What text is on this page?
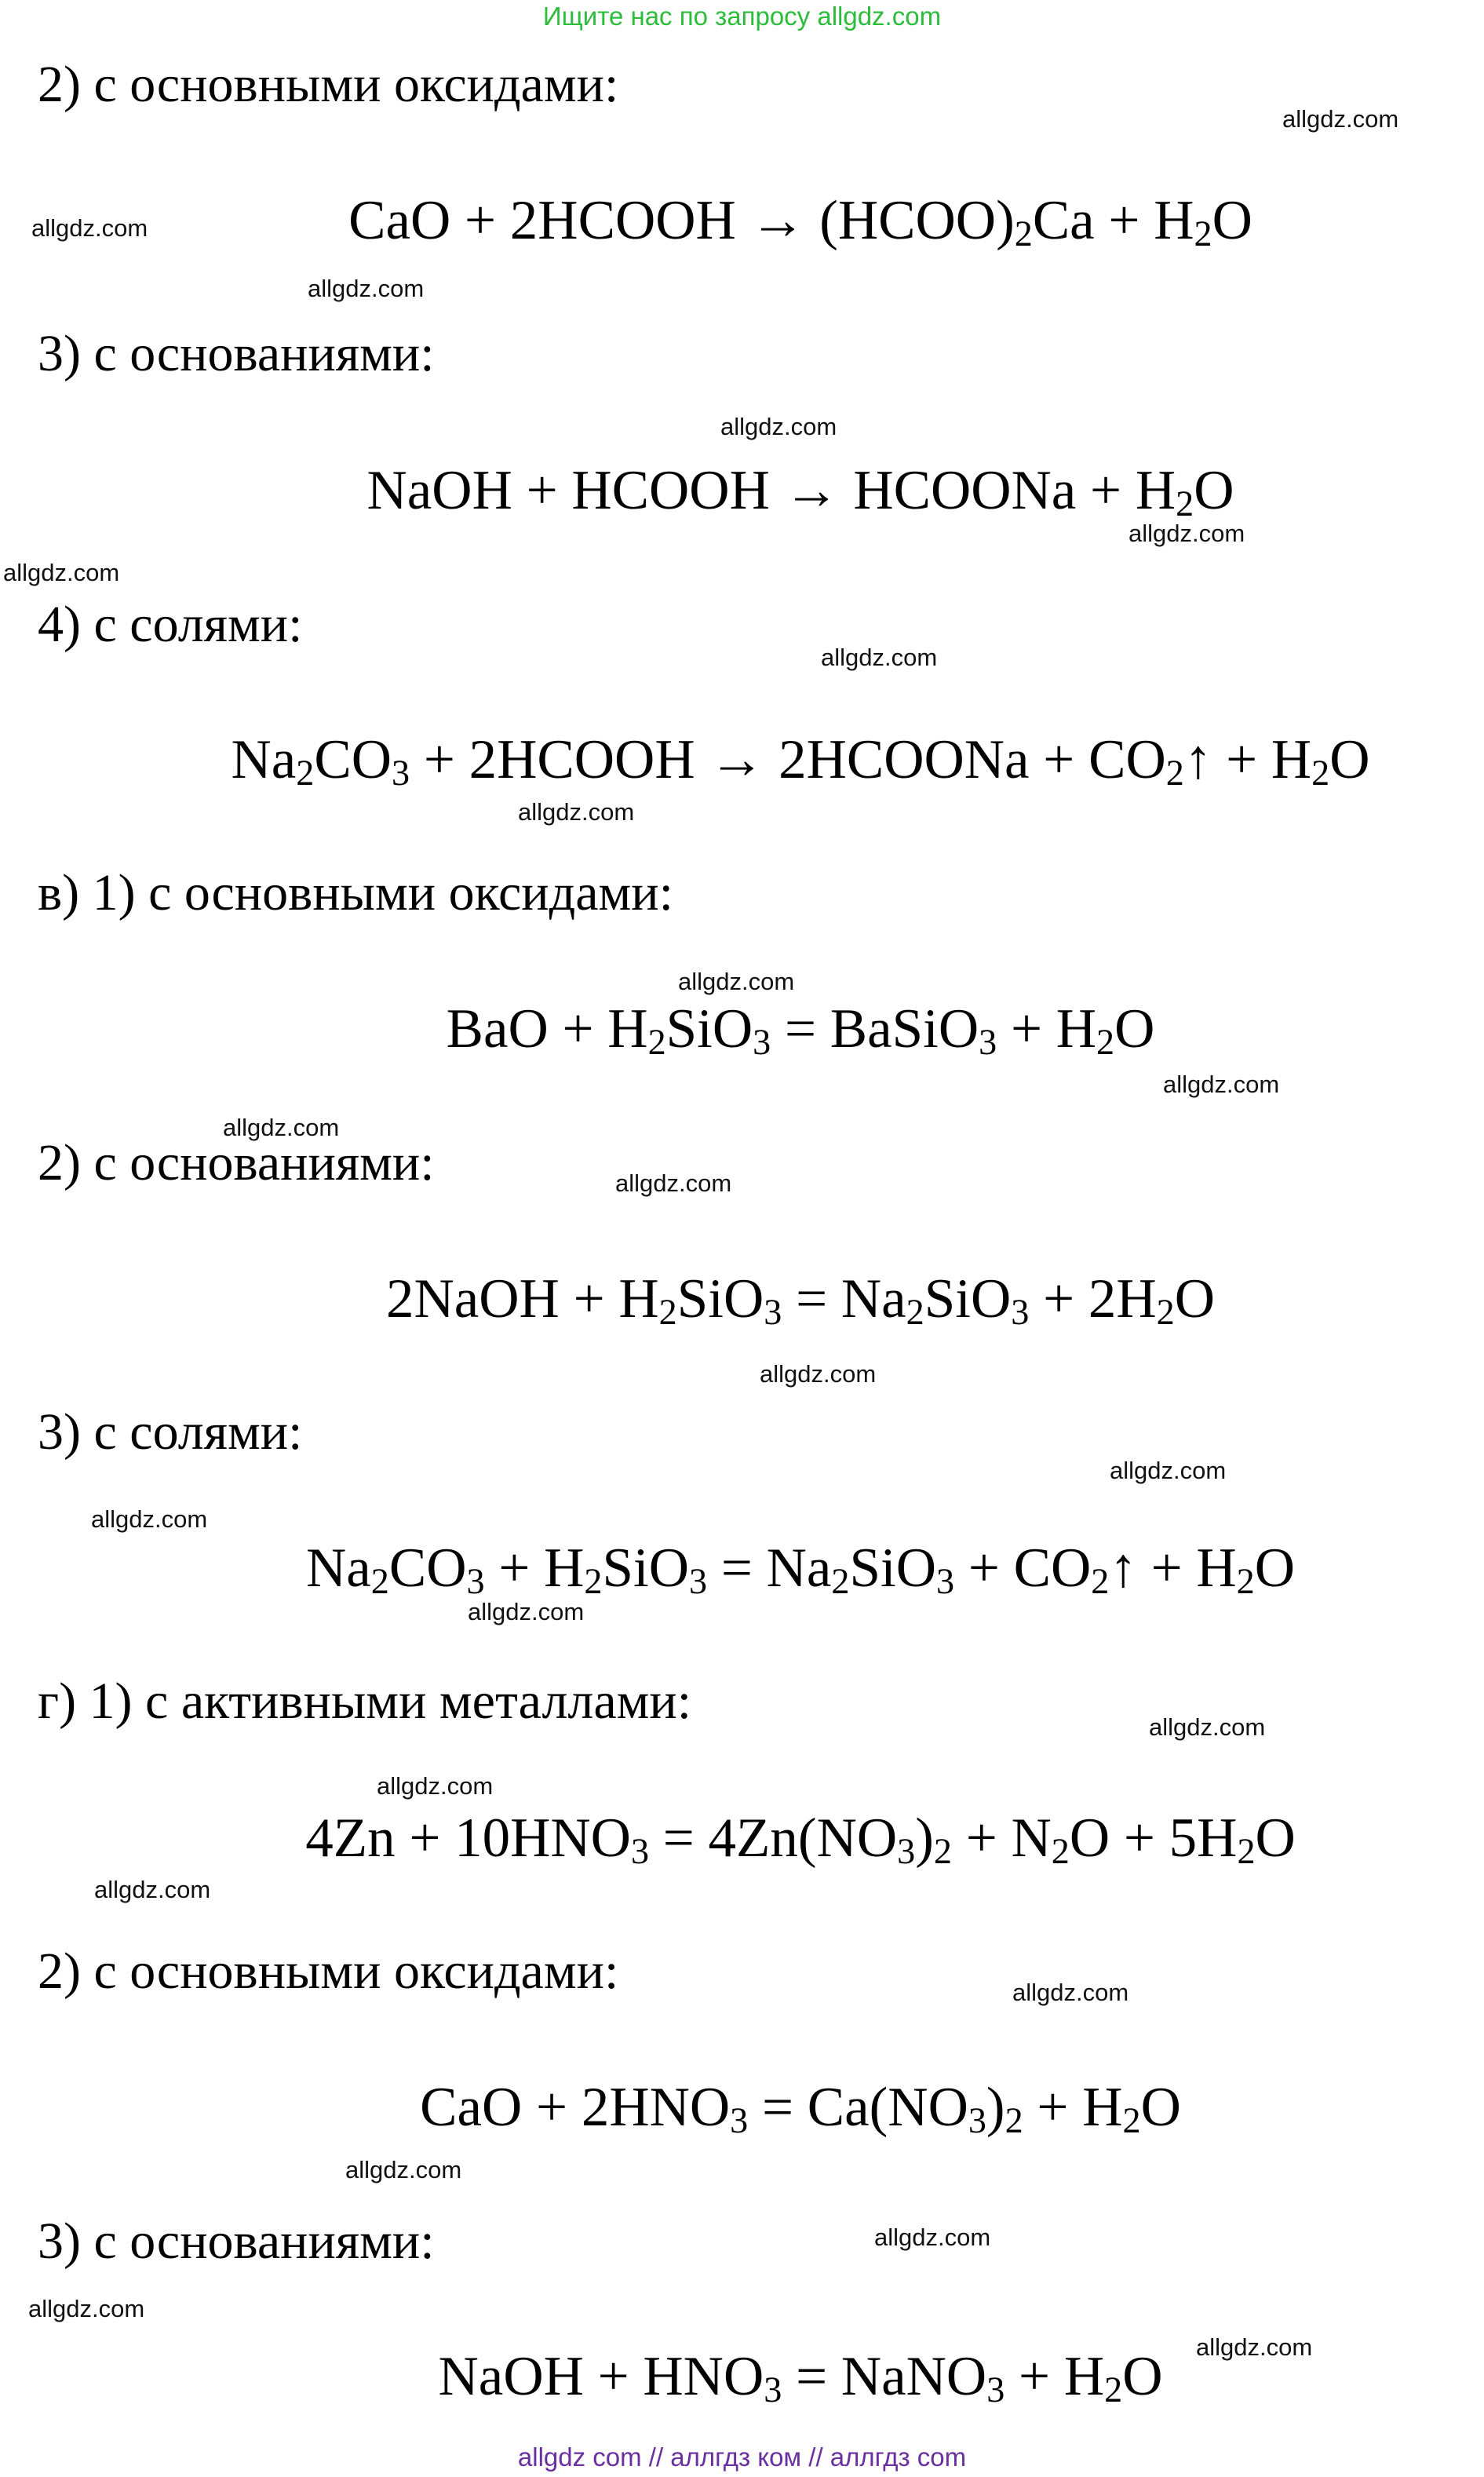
Ищите нас по запросу allgdz.com
2) с основными оксидами:
CaO + 2HCOOH → $(HCOO)_2Ca + H_2O$
3) с основаниями:
NaOH + HCOOH → HCOONa + $H_2O$
4) с солями:
$Na_2CO_3$ + 2HCOOH → 2HCOONa + $CO_2↑ + H_2O$
в) 1) с основными оксидами:
BaO + $H_2SiO_3$ = BaSiO$_3$ + $H_2O$
2) с основаниями:
2NaOH + $H_2SiO_3 = Na_2SiO_3 + 2H_2O$
3) с солями:
$Na_2CO_3 + H_2SiO_3 = Na_2SiO_3$ + $CO_2↑ + H_2O$
г) 1) с активными металлами:
$4Zn + 10HNO_3 = 4Zn(NO_3)_2 + N_2O + 5H_2O$
2) с основными оксидами:
CaO + $2HNO_3 = Ca(NO_3)_2 + H_2O$
3) с основаниями:
NaOH + $HNO_3$ = NaNO$_3$ + $H_2O$
allgdz.com
allgdz.com
allgdz.com
allgdz.com
allgdz.com
allgdz.com
allgdz.com
allgdz.com
allgdz.com
allgdz.com
allgdz.com
allgdz.com
allgdz.com
allgdz.com
allgdz.com
allgdz.com
allgdz.com
allgdz.com
allgdz.com
allgdz.com
allgdz.com
allgdz.com
allgdz.com
allgdz.com
allgdz com // аллгдз ком // аллгдз com
